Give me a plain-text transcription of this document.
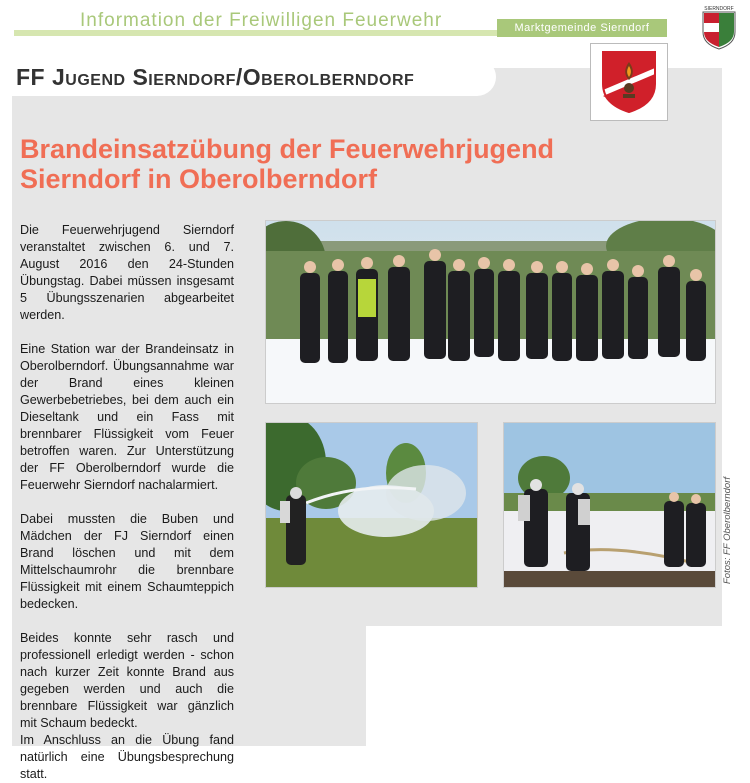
Information der Freiwilligen Feuerwehr	Marktgemeinde Sierndorf
SIERNDORF
FF Jugend Sierndorf/Oberolberndorf
Brandeinsatzübung der Feuerwehrjugend Sierndorf in Oberolberndorf

Die Feuerwehrjugend Sierndorf veranstaltet zwischen 6. und 7. August 2016 den 24-Stunden Übungstag. Dabei müssen insgesamt 5 Übungsszenarien abgearbeitet werden.

Eine Station war der Brandeinsatz in Oberolberndorf. Übungsannahme war der Brand eines kleinen Gewerbebetriebes, bei dem auch ein Dieseltank und ein Fass mit brennbarer Flüssigkeit vom Feuer betroffen waren. Zur Unterstützung der FF Oberolberndorf wurde die Feuerwehr Sierndorf nachalarmiert.

Dabei mussten die Buben und Mädchen der FJ Sierndorf einen Brand löschen und mit dem Mittelschaumrohr die brennbare Flüssigkeit mit einem Schaumteppich bedecken.

Beides konnte sehr rasch und professionell erledigt werden - schon nach kurzer Zeit konnte Brand aus gegeben werden und auch die brennbare Flüssigkeit war gänzlich mit Schaum bedeckt.

Im Anschluss an die Übung fand natürlich eine Übungsbesprechung statt.

Fotos: FF Oberolberndorf
